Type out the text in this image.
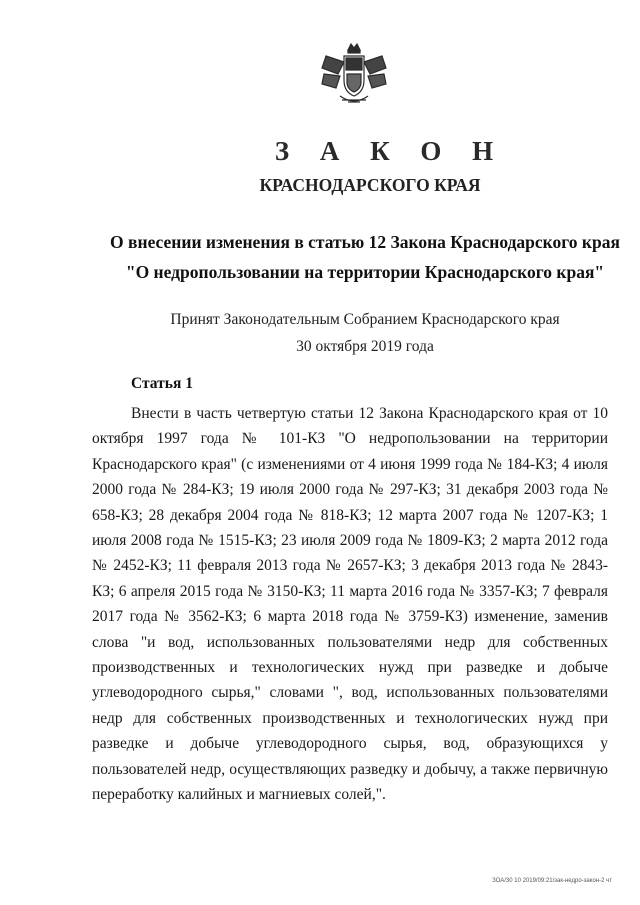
З А К О Н
КРАСНОДАРСКОГО КРАЯ
О внесении изменения в статью 12 Закона Краснодарского края
"О недропользовании на территории Краснодарского края"
Принят Законодательным Собранием Краснодарского края
30 октября 2019 года
Статья 1
Внести в часть четвертую статьи 12 Закона Краснодарского края от 10 октября 1997 года № 101-КЗ "О недропользовании на территории Краснодарского края" (с изменениями от 4 июня 1999 года № 184-КЗ; 4 июля 2000 года № 284-КЗ; 19 июля 2000 года № 297-КЗ; 31 декабря 2003 года № 658-КЗ; 28 декабря 2004 года № 818-КЗ; 12 марта 2007 года № 1207-КЗ; 1 июля 2008 года № 1515-КЗ; 23 июля 2009 года № 1809-КЗ; 2 марта 2012 года № 2452-КЗ; 11 февраля 2013 года № 2657-КЗ; 3 декабря 2013 года № 2843-КЗ; 6 апреля 2015 года № 3150-КЗ; 11 марта 2016 года № 3357-КЗ; 7 февраля 2017 года № 3562-КЗ; 6 марта 2018 года № 3759-КЗ) изменение, заменив слова "и вод, использованных пользователями недр для собственных производственных и технологических нужд при разведке и добыче углеводородного сырья," словами ", вод, использованных пользователями недр для собственных производственных и технологических нужд при разведке и добыче углеводородного сырья, вод, образующихся у пользователей недр, осуществляющих разведку и добычу, а также первичную переработку калийных и магниевых солей,".
ЗОА/30 10 2019/09:21/зак-недро-закон-2 чт
